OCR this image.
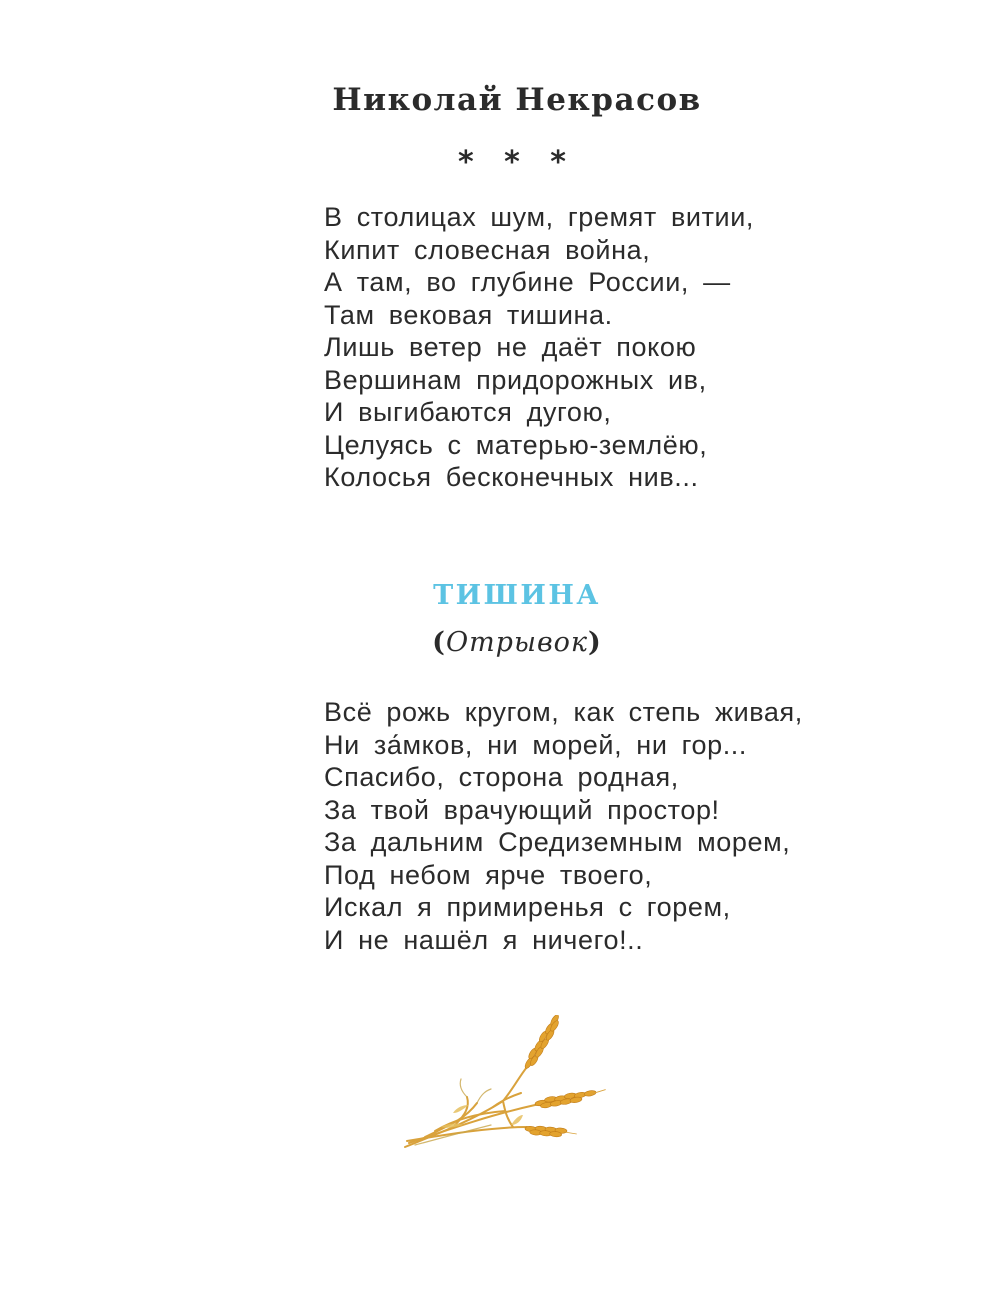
Николай Некрасов
* * *
В столицах шум, гремят витии,
Кипит словесная война,
А там, во глубине России, —
Там вековая тишина.
Лишь ветер не даёт покою
Вершинам придорожных ив,
И выгибаются дугою,
Целуясь с матерью-землёю,
Колосья бесконечных нив...
ТИШИНА
(Отрывок)
Всё рожь кругом, как степь живая,
Ни за́мков, ни морей, ни гор...
Спасибо, сторона родная,
За твой врачующий простор!
За дальним Средиземным морем,
Под небом ярче твоего,
Искал я примиренья с горем,
И не нашёл я ничего!..
